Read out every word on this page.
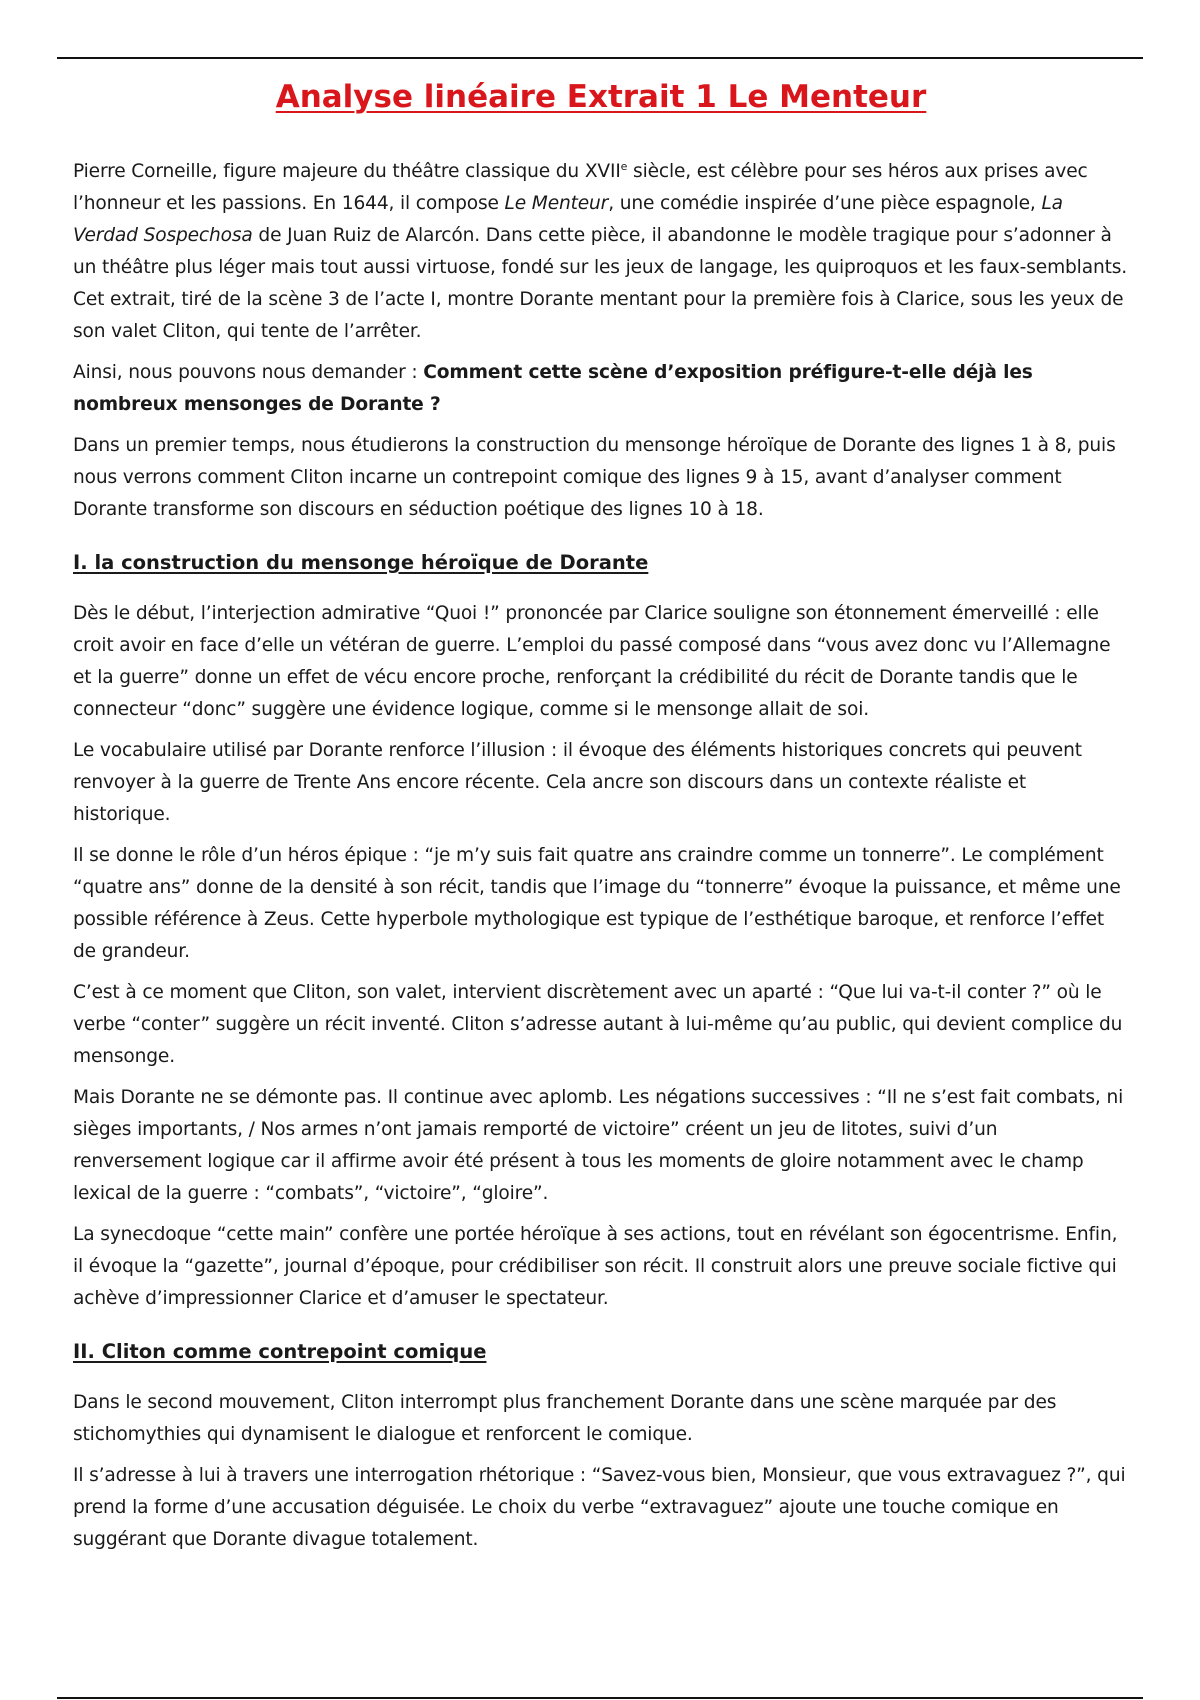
Analyse linéaire Extrait 1 Le Menteur

Pierre Corneille, figure majeure du théâtre classique du XVIIe siècle, est célèbre pour ses héros aux prises avec l’honneur et les passions. En 1644, il compose Le Menteur, une comédie inspirée d’une pièce espagnole, La Verdad Sospechosa de Juan Ruiz de Alarcón. Dans cette pièce, il abandonne le modèle tragique pour s’adonner à un théâtre plus léger mais tout aussi virtuose, fondé sur les jeux de langage, les quiproquos et les faux-semblants. Cet extrait, tiré de la scène 3 de l’acte I, montre Dorante mentant pour la première fois à Clarice, sous les yeux de son valet Cliton, qui tente de l’arrêter.

Ainsi, nous pouvons nous demander : Comment cette scène d’exposition préfigure-t-elle déjà les nombreux mensonges de Dorante ?

Dans un premier temps, nous étudierons la construction du mensonge héroïque de Dorante des lignes 1 à 8, puis nous verrons comment Cliton incarne un contrepoint comique des lignes 9 à 15, avant d’analyser comment Dorante transforme son discours en séduction poétique des lignes 10 à 18.

I. la construction du mensonge héroïque de Dorante

Dès le début, l’interjection admirative “Quoi !” prononcée par Clarice souligne son étonnement émerveillé : elle croit avoir en face d’elle un vétéran de guerre. L’emploi du passé composé dans “vous avez donc vu l’Allemagne et la guerre” donne un effet de vécu encore proche, renforçant la crédibilité du récit de Dorante tandis que le connecteur “donc” suggère une évidence logique, comme si le mensonge allait de soi.

Le vocabulaire utilisé par Dorante renforce l’illusion : il évoque des éléments historiques concrets qui peuvent renvoyer à la guerre de Trente Ans encore récente. Cela ancre son discours dans un contexte réaliste et historique.

Il se donne le rôle d’un héros épique : “je m’y suis fait quatre ans craindre comme un tonnerre”. Le complément “quatre ans” donne de la densité à son récit, tandis que l’image du “tonnerre” évoque la puissance, et même une possible référence à Zeus. Cette hyperbole mythologique est typique de l’esthétique baroque, et renforce l’effet de grandeur.

C’est à ce moment que Cliton, son valet, intervient discrètement avec un aparté : “Que lui va-t-il conter ?” où le verbe “conter” suggère un récit inventé. Cliton s’adresse autant à lui-même qu’au public, qui devient complice du mensonge.

Mais Dorante ne se démonte pas. Il continue avec aplomb. Les négations successives : “Il ne s’est fait combats, ni sièges importants, / Nos armes n’ont jamais remporté de victoire” créent un jeu de litotes, suivi d’un renversement logique car il affirme avoir été présent à tous les moments de gloire notamment avec le champ lexical de la guerre : “combats”, “victoire”, “gloire”.

La synecdoque “cette main” confère une portée héroïque à ses actions, tout en révélant son égocentrisme. Enfin, il évoque la “gazette”, journal d’époque, pour crédibiliser son récit. Il construit alors une preuve sociale fictive qui achève d’impressionner Clarice et d’amuser le spectateur.

II. Cliton comme contrepoint comique

Dans le second mouvement, Cliton interrompt plus franchement Dorante dans une scène marquée par des stichomythies qui dynamisent le dialogue et renforcent le comique.

Il s’adresse à lui à travers une interrogation rhétorique : “Savez-vous bien, Monsieur, que vous extravaguez ?”, qui prend la forme d’une accusation déguisée. Le choix du verbe “extravaguez” ajoute une touche comique en suggérant que Dorante divague totalement.
